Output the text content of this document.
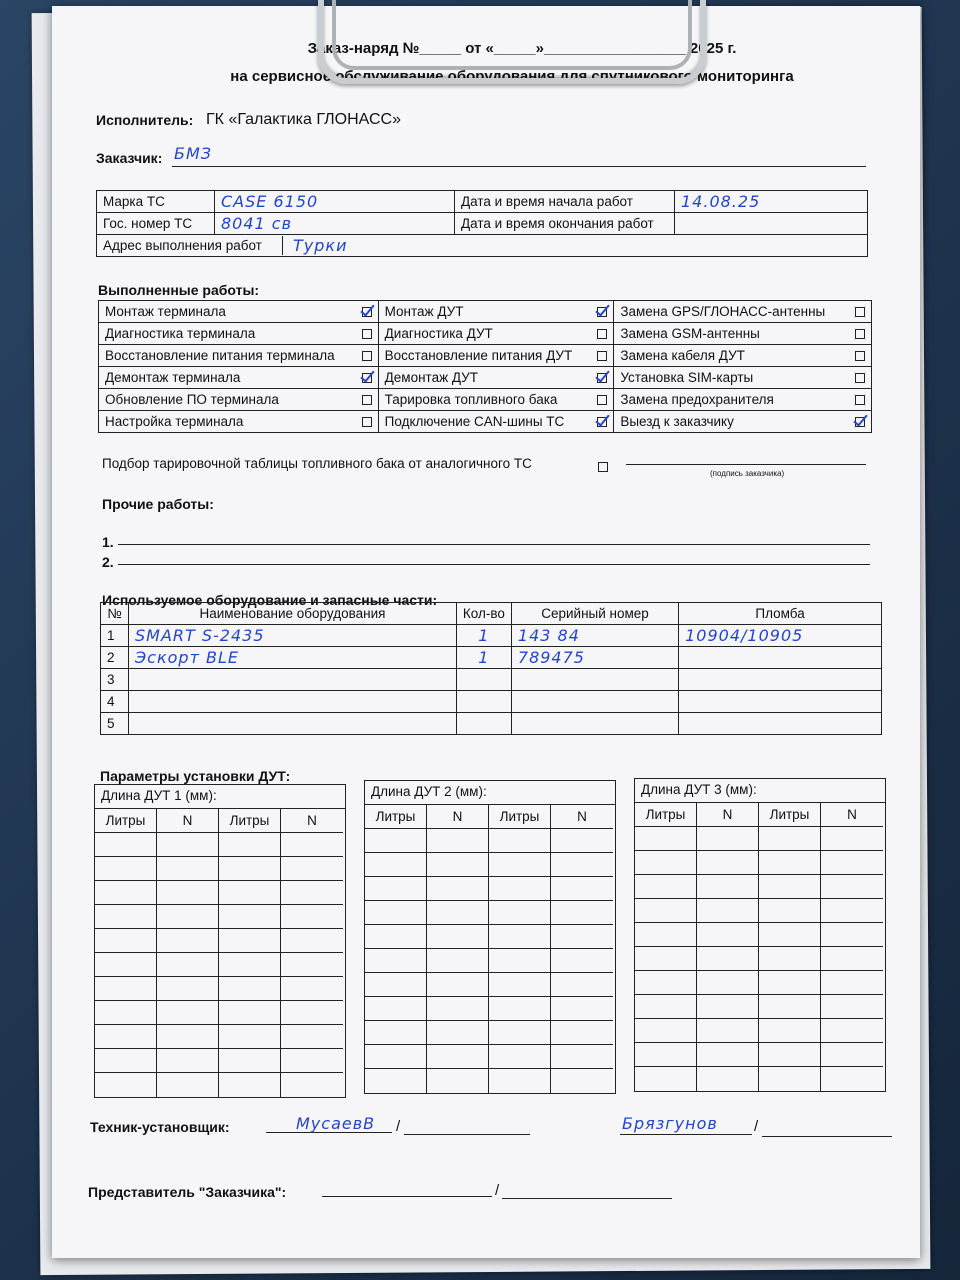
Заказ-наряд №_____ от «_____»_________________ 2025 г.
на сервисное обслуживание оборудования для спутникового мониторинга
Исполнитель: ГК «Галактика ГЛОНАСС»
Заказчик: БМЗ
Марка ТС	CASE 6150	Дата и время начала работ	14.08.25
Гос. номер ТС	8041 св	Дата и время окончания работ	

Адрес выполнения работ Турки			
Выполненные работы:
Монтаж терминала	Монтаж ДУТ	Замена GPS/ГЛОНАСС-антенны

Диагностика терминала	Диагностика ДУТ	Замена GSM-антенны

Восстановление питания терминала	Восстановление питания ДУТ	Замена кабеля ДУТ

Демонтаж терминала	Демонтаж ДУТ	Установка SIM-карты

Обновление ПО терминала	Тарировка топливного бака	Замена предохранителя

Настройка терминала	Подключение CAN-шины ТС	Выезд к заказчику
Подбор тарировочной таблицы топливного бака от аналогичного ТС
(подпись заказчика)
Прочие работы:
1.
2.
Используемое оборудование и запасные части:
№	Наименование оборудования	Кол-во	Серийный номер	Пломба
1	SMART S-2435	1	143 84	10904/10905
2	Эскорт BLE	1	789475	
3				
4				
5				
Параметры установки ДУТ:
Длина ДУТ 1 (мм):
Литры	N	Литры	N
Длина ДУТ 2 (мм):
Литры	N	Литры	N
Длина ДУТ 3 (мм):
Литры	N	Литры	N
Техник-установщик:	МусаевВ /	Брязгунов /
Представитель "Заказчика":	/
